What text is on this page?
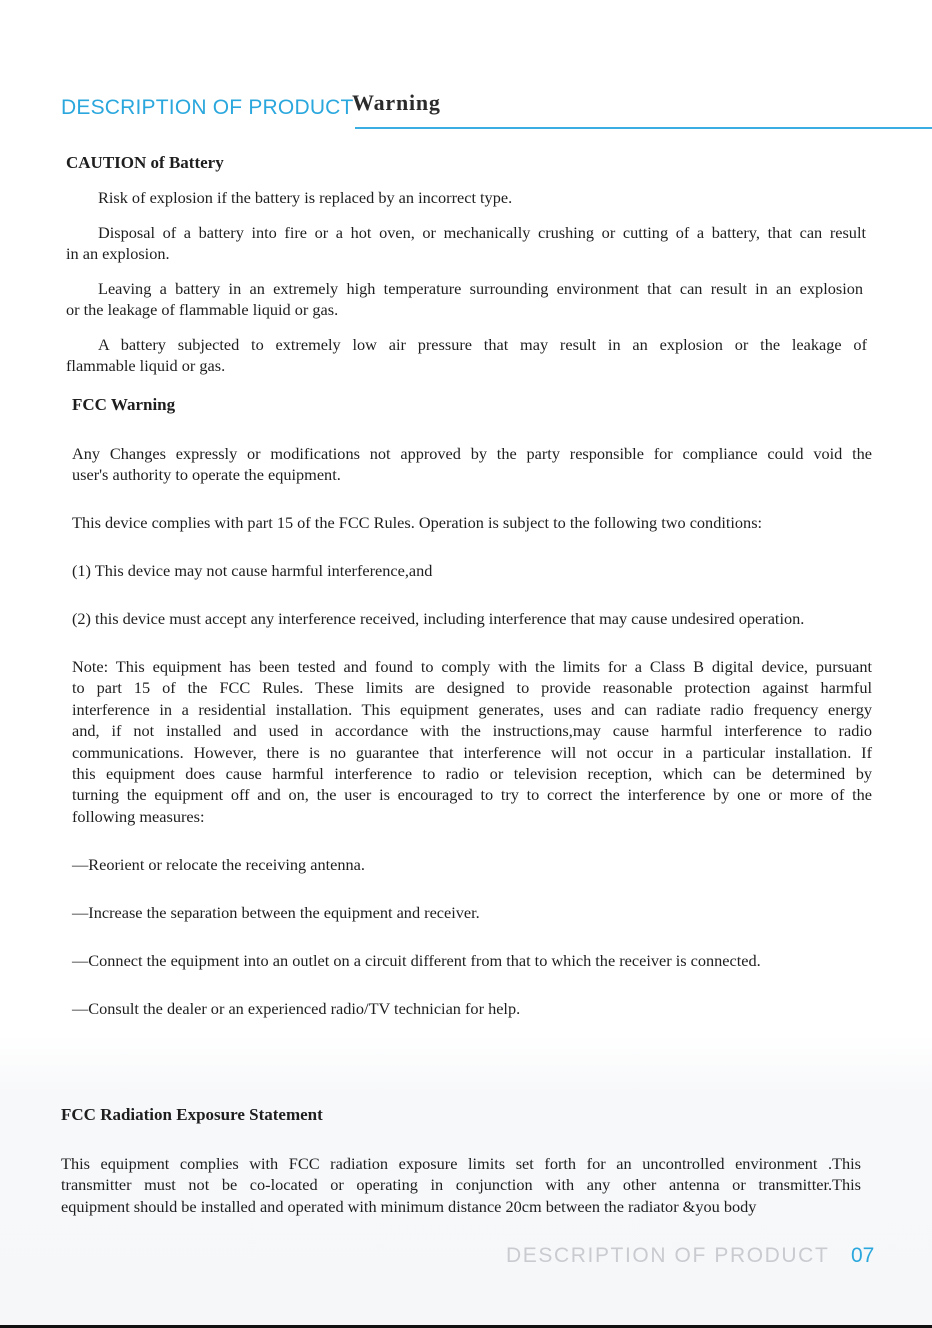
DESCRIPTION OF PRODUCT
Warning
CAUTION of Battery
Risk of explosion if the battery is replaced by an incorrect type.
Disposal of a battery into fire or a hot oven, or mechanically crushing or cutting of a battery, that can result
in an explosion.
Leaving a battery in an extremely high temperature surrounding environment that can result in an explosion
or the leakage of flammable liquid or gas.
A battery subjected to extremely low air pressure that may result in an explosion or the leakage of
flammable liquid or gas.
FCC Warning
Any Changes expressly or modifications not approved by the party responsible for compliance could void the
user's authority to operate the equipment.
This device complies with part 15 of the FCC Rules. Operation is subject to the following two conditions:
(1) This device may not cause harmful interference,and
(2) this device must accept any interference received, including interference that may cause undesired operation.
Note: This equipment has been tested and found to comply with the limits for a Class B digital device, pursuant
to part 15 of the FCC Rules. These limits are designed to provide reasonable protection against harmful
interference in a residential installation. This equipment generates, uses and can radiate radio frequency energy
and, if not installed and used in accordance with the instructions,may cause harmful interference to radio
communications. However, there is no guarantee that interference will not occur in a particular installation. If
this equipment does cause harmful interference to radio or television reception, which can be determined by
turning the equipment off and on, the user is encouraged to try to correct the interference by one or more of the
following measures:
—Reorient or relocate the receiving antenna.
—Increase the separation between the equipment and receiver.
—Connect the equipment into an outlet on a circuit different from that to which the receiver is connected.
—Consult the dealer or an experienced radio/TV technician for help.
FCC Radiation Exposure Statement
This equipment complies with FCC radiation exposure limits set forth for an uncontrolled environment .This
transmitter must not be co-located or operating in conjunction with any other antenna or transmitter.This
equipment should be installed and operated with minimum distance 20cm between the radiator &you body
DESCRIPTION OF PRODUCT 07
